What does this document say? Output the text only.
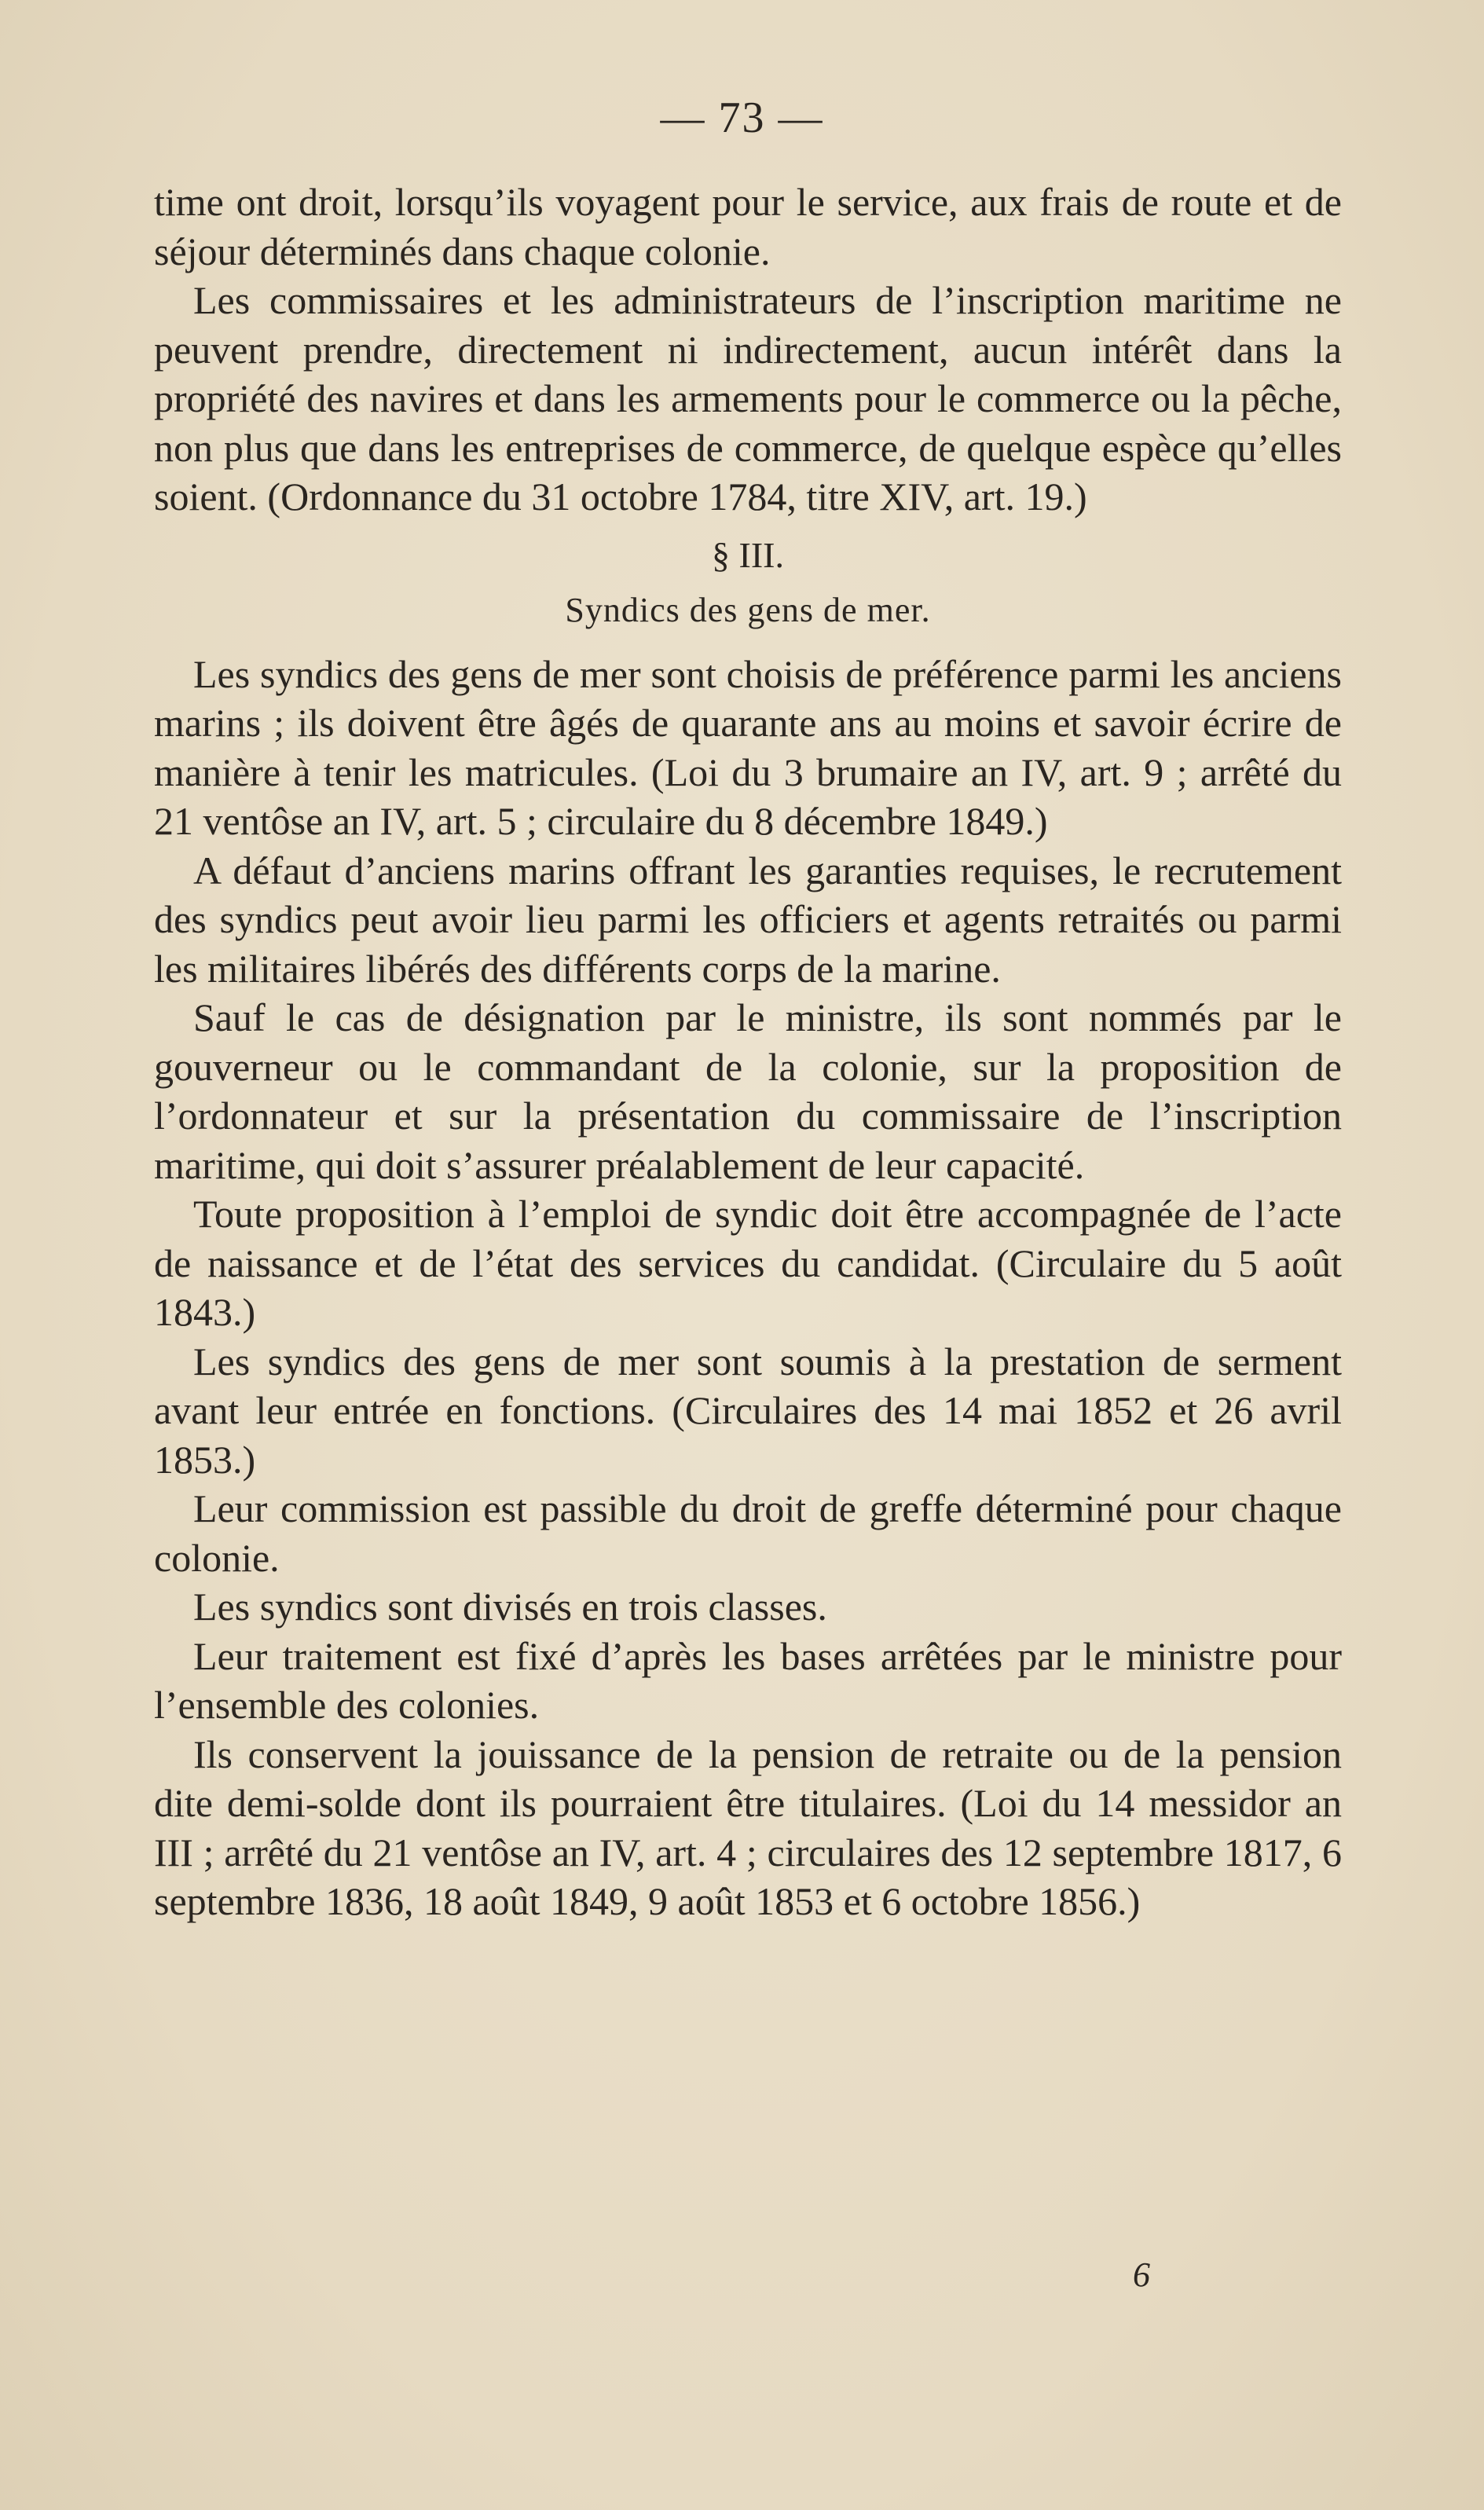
— 73 —

time ont droit, lorsqu’ils voyagent pour le service, aux frais de route et de séjour déterminés dans chaque colonie.

Les commissaires et les administrateurs de l’inscription maritime ne peuvent prendre, directement ni indirectement, aucun intérêt dans la propriété des navires et dans les armements pour le commerce ou la pêche, non plus que dans les entreprises de commerce, de quelque espèce qu’elles soient. (Ordonnance du 31 octobre 1784, titre XIV, art. 19.)

§ III.

Syndics des gens de mer.

Les syndics des gens de mer sont choisis de préférence parmi les anciens marins ; ils doivent être âgés de quarante ans au moins et savoir écrire de manière à tenir les matricules. (Loi du 3 brumaire an IV, art. 9 ; arrêté du 21 ventôse an IV, art. 5 ; circulaire du 8 décembre 1849.)

A défaut d’anciens marins offrant les garanties requises, le recrutement des syndics peut avoir lieu parmi les officiers et agents retraités ou parmi les militaires libérés des différents corps de la marine.

Sauf le cas de désignation par le ministre, ils sont nommés par le gouverneur ou le commandant de la colonie, sur la proposition de l’ordonnateur et sur la présentation du commissaire de l’inscription maritime, qui doit s’assurer préalablement de leur capacité.

Toute proposition à l’emploi de syndic doit être accompagnée de l’acte de naissance et de l’état des services du candidat. (Circulaire du 5 août 1843.)

Les syndics des gens de mer sont soumis à la prestation de serment avant leur entrée en fonctions. (Circulaires des 14 mai 1852 et 26 avril 1853.)

Leur commission est passible du droit de greffe déterminé pour chaque colonie.

Les syndics sont divisés en trois classes.

Leur traitement est fixé d’après les bases arrêtées par le ministre pour l’ensemble des colonies.

Ils conservent la jouissance de la pension de retraite ou de la pension dite demi-solde dont ils pourraient être titulaires. (Loi du 14 messidor an III ; arrêté du 21 ventôse an IV, art. 4 ; circulaires des 12 septembre 1817, 6 septembre 1836, 18 août 1849, 9 août 1853 et 6 octobre 1856.)

6
